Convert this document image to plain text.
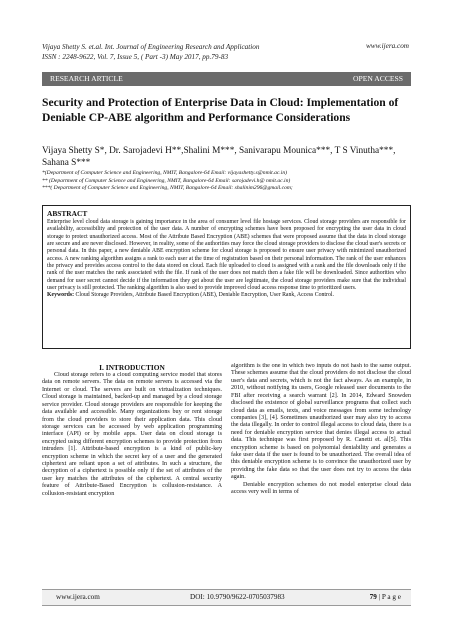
Vijaya Shetty S. et.al. Int. Journal of Engineering Research and Application
ISSN : 2248-9622, Vol. 7, Issue 5, ( Part -3) May 2017, pp.79-83
www.ijera.com
RESEARCH ARTICLE	OPEN ACCESS
Security and Protection of Enterprise Data in Cloud: Implementation of Deniable CP-ABE algorithm and Performance Considerations
Vijaya Shetty S*, Dr. Sarojadevi H**,Shalini M***, Sanivarapu Mounica***, T S Vinutha***, Sahana S***
*(Department of Computer Science and Engineering, NMIT, Bangalore-64 Email: vijayashetty.s@nmit.ac.in)
** (Department of Computer Science and Engineering, NMIT, Bangalore-64 Email: sarojadevi.h@ nmit.ac.in)
***( Department of Computer Science and Engineering, NMIT, Bangalore-64 Email: shalinim296@gmail.com;
ABSTRACT
Enterprise level cloud data storage is gaining importance in the area of consumer level file hostage services. Cloud storage providers are responsible for availability, accessibility and protection of the user data. A number of encrypting schemes have been proposed for encrypting the user data in cloud storage to protect unauthorized access. Most of the Attribute Based Encryption (ABE) schemes that were proposed assume that the data in cloud storage are secure and are never disclosed. However, in reality, some of the authorities may force the cloud storage providers to disclose the cloud user's secrets or personal data. In this paper, a new deniable ABE encryption scheme for cloud storage is proposed to ensure user privacy with minimized unauthorized access. A new ranking algorithm assigns a rank to each user at the time of registration based on their personal information. The rank of the user enhances the privacy and provides access control to the data stored on cloud. Each file uploaded to cloud is assigned with a rank and the file downloads only if the rank of the user matches the rank associated with the file. If rank of the user does not match then a fake file will be downloaded. Since authorities who demand for user secret cannot decide if the information they get about the user are legitimate, the cloud storage providers make sure that the individual user privacy is still protected. The ranking algorithm is also used to provide improved cloud access response time to prioritized users.
Keywords: Cloud Storage Providers, Attribute Based Encryption (ABE), Deniable Encryption, User Rank, Access Control.
I. INTRODUCTION

Cloud storage refers to a cloud computing service model that stores data on remote servers. The data on remote servers is accessed via the Internet or cloud. The servers are built on virtualization techniques. Cloud storage is maintained, backed-up and managed by a cloud storage service provider. Cloud storage providers are responsible for keeping the data available and accessible. Many organizations buy or rent storage from the cloud providers to store their application data. This cloud storage services can be accessed by web application programming interface (API) or by mobile apps. User data on cloud storage is encrypted using different encryption schemes to provide protection from intruders [1]. Attribute-based encryption is a kind of public-key encryption scheme in which the secret key of a user and the generated ciphertext are reliant upon a set of attributes. In such a structure, the decryption of a ciphertext is possible only if the set of attributes of the user key matches the attributes of the ciphertext. A central security feature of Attribute-Based Encryption is collusion-resistance. A collusion-resistant encryption

algorithm is the one in which two inputs do not hash to the same output. These schemes assume that the cloud providers do not disclose the cloud user's data and secrets, which is not the fact always. As an example, in 2010, without notifying its users, Google released user documents to the FBI after receiving a search warrant [2]. In 2014, Edward Snowden disclosed the existence of global surveillance programs that collect such cloud data as emails, texts, and voice messages from some technology companies [3], [4]. Sometimes unauthorized user may also try to access the data illegally. In order to control illegal access to cloud data, there is a need for deniable encryption service that denies illegal access to actual data. This technique was first proposed by R. Canetti et. al[5]. This encryption scheme is based on polynomial deniability and generates a fake user data if the user is found to be unauthorized. The overall idea of this deniable encryption scheme is to convince the unauthorized user by providing the fake data so that the user does not try to access the data again.

Deniable encryption schemes do not model enterprise cloud data access very well in terms of

www.ijera.com	DOI: 10.9790/9622-0705037983	79 | P a g e
